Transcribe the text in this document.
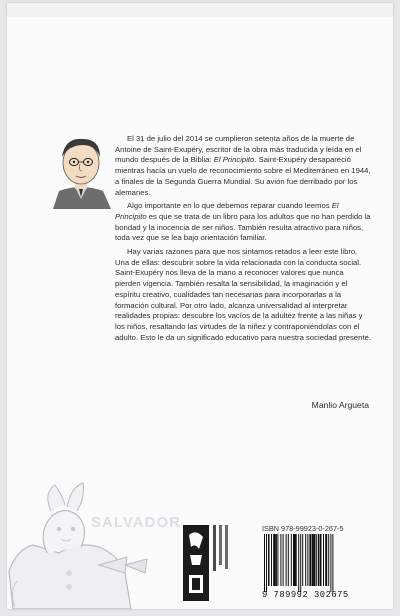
El 31 de julio del 2014 se cumplieron setenta años de la muerte de Antoine de Saint-Exupéry, escritor de la obra más traducida y leída en el mundo después de la Biblia: El Principito. Saint-Exupéry desapareció mientras hacía un vuelo de reconocimiento sobre el Mediterráneo en 1944, a finales de la Segunda Guerra Mundial. Su avión fue derribado por los alemanes.

Algo importante en lo que debemos reparar cuando leemos El Principito es que se trata de un libro para los adultos que no han perdido la bondad y la inocencia de ser niños. También resulta atractivo para niños, toda vez que se lea bajo orientación familiar.

Hay varias razones para que nos sintamos retados a leer este libro. Una de ellas: descubrir sobre la vida relacionada con la conducta social. Saint-Exupéry nos lleva de la mano a reconocer valores que nunca pierden vigencia. También resalta la sensibilidad, la imaginación y el espíritu creativo, cualidades tan necesarias para incorporarlas a la formación cultural. Por otro lado, alcanza universalidad al interpretar realidades propias: descubre los vacíos de la adultez frente a las niñas y los niños, resaltando las virtudes de la niñez y contraponiéndolas con el adulto. Esto le da un significado educativo para nuestra sociedad presente.

Manlio Argueta
SALVADOR	ISBN 978-99923-0-267-5
9 789992 302675
